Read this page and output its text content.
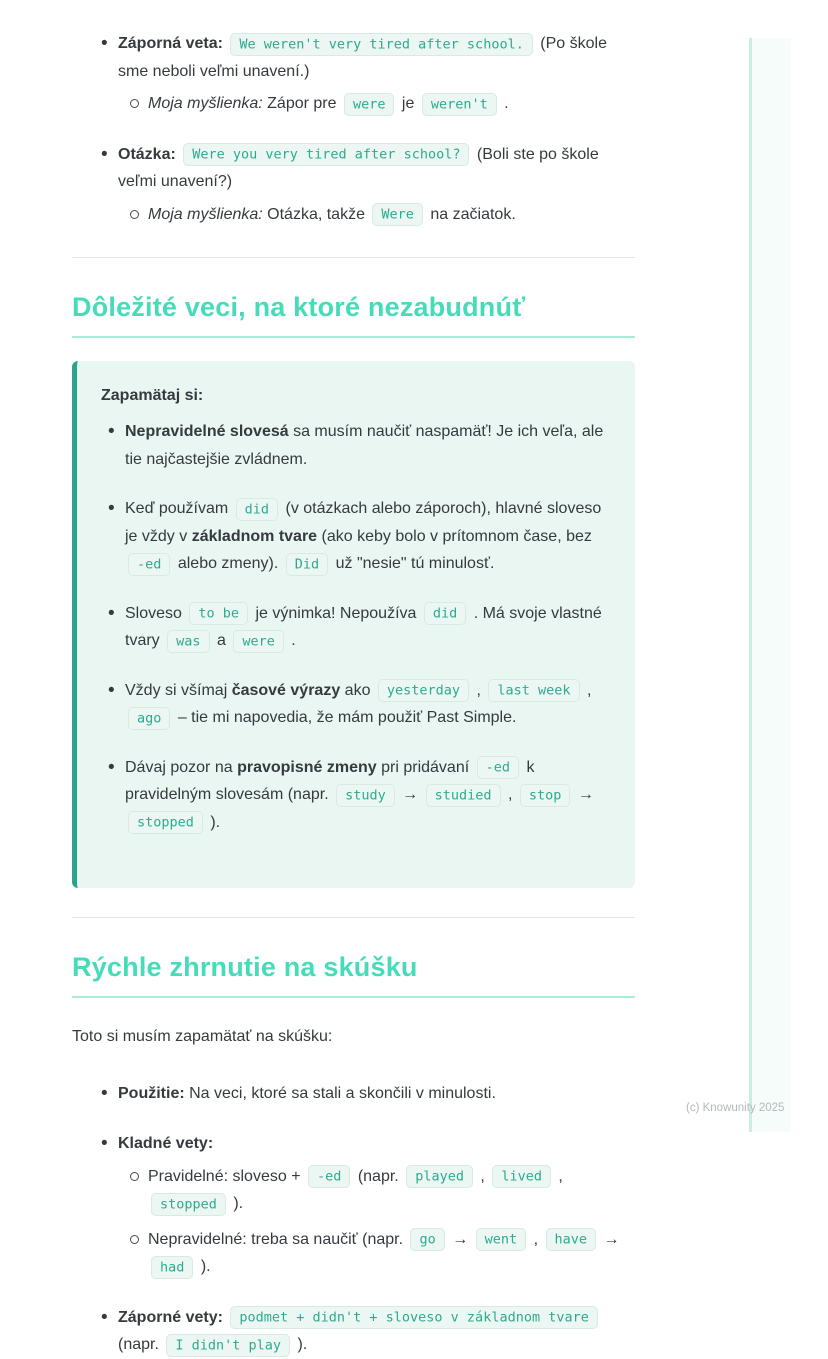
• Záporná veta: We weren't very tired after school. (Po škole sme neboli veľmi unavení.)
Moja myšlienka: Zápor pre were je weren't .
• Otázka: Were you very tired after school? (Boli ste po škole veľmi unavení?)
Moja myšlienka: Otázka, takže Were na začiatok.
Dôležité veci, na ktoré nezabudnúť

Zapamätaj si:

• Nepravidelné slovesá sa musím naučiť naspamäť! Je ich veľa, ale tie najčastejšie zvládnem.
• Keď používam did (v otázkach alebo záporoch), hlavné sloveso je vždy v základnom tvare (ako keby bolo v prítomnom čase, bez -ed alebo zmeny). Did už "nesie" tú minulosť.
• Sloveso to be je výnimka! Nepoužíva did . Má svoje vlastné tvary was a were .
• Vždy si všímaj časové výrazy ako yesterday , last week , ago – tie mi napovedia, že mám použiť Past Simple.
• Dávaj pozor na pravopisné zmeny pri pridávaní -ed k pravidelným slovesám (napr. study → studied , stop → stopped ).
Rýchle zhrnutie na skúšku

Toto si musím zapamätať na skúšku:

• Použitie: Na veci, ktoré sa stali a skončili v minulosti.
• Kladné vety:
Pravidelné: sloveso + -ed (napr. played , lived , stopped ).
Nepravidelné: treba sa naučiť (napr. go → went , have → had ).
• Záporné vety: podmet + didn't + sloveso v základnom tvare (napr. I didn't play ).
(c) Knowunity 2025
